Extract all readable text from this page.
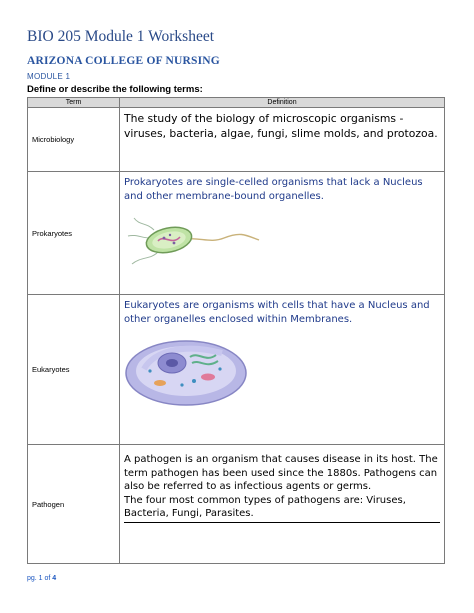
BIO 205 Module 1 Worksheet
ARIZONA COLLEGE OF NURSING
MODULE 1
Define or describe the following terms:
Term	Definition
Microbiology	The study of the biology of microscopic organisms - viruses, bacteria, algae, fungi, slime molds, and protozoa.

Prokaryotes	Prokaryotes are single-celled organisms that lack a Nucleus and other membrane-bound organelles.

Eukaryotes	Eukaryotes are organisms with cells that have a Nucleus and other organelles enclosed within Membranes.

Pathogen	A pathogen is an organism that causes disease in its host. The term pathogen has been used since the 1880s. Pathogens can also be referred to as infectious agents or germs.

The four most common types of pathogens are: Viruses, Bacteria, Fungi, Parasites.

pg. 1 of 4
